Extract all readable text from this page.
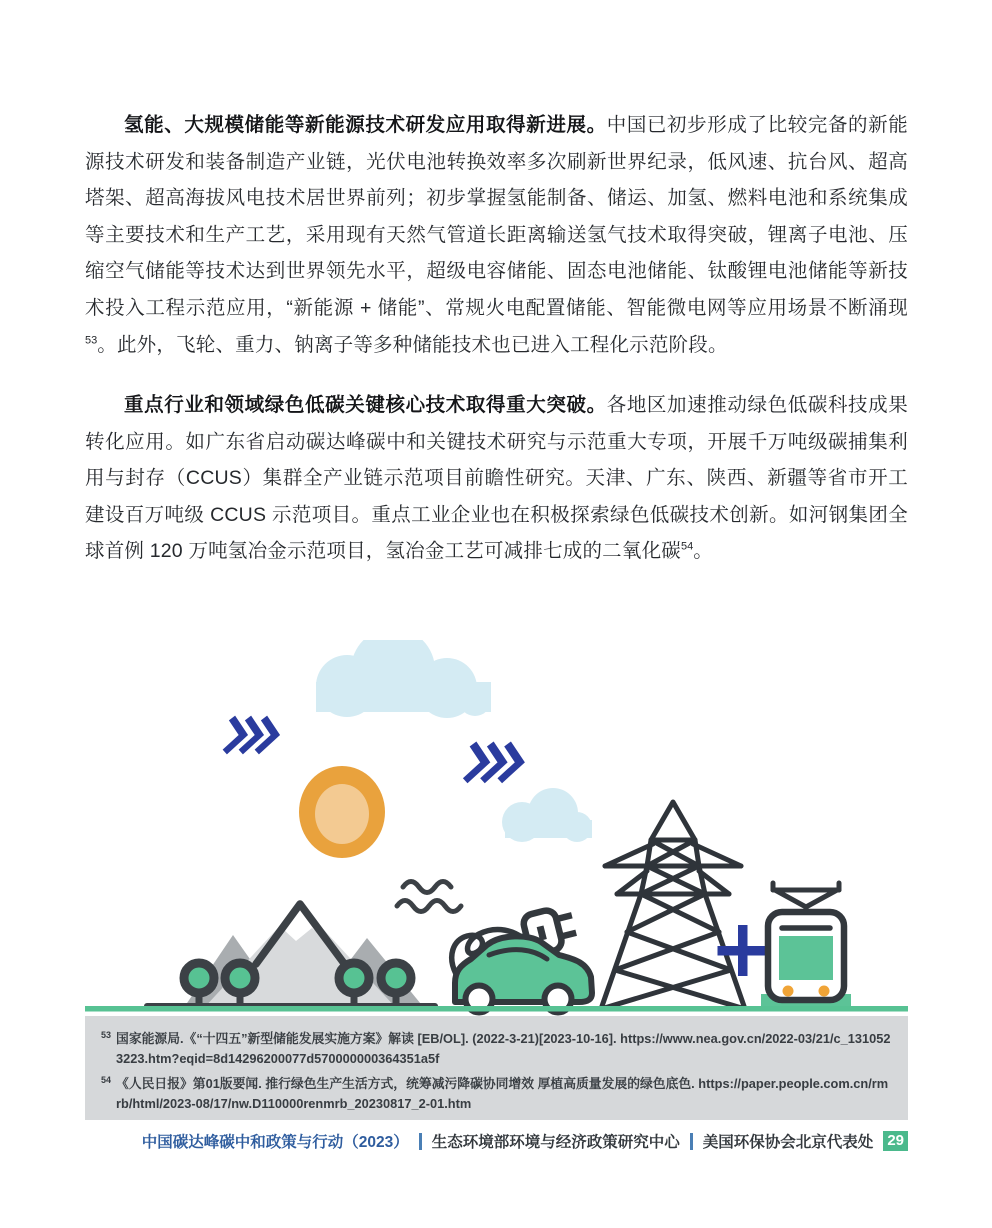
氢能、大规模储能等新能源技术研发应用取得新进展。中国已初步形成了比较完备的新能源技术研发和装备制造产业链，光伏电池转换效率多次刷新世界纪录，低风速、抗台风、超高塔架、超高海拔风电技术居世界前列；初步掌握氢能制备、储运、加氢、燃料电池和系统集成等主要技术和生产工艺，采用现有天然气管道长距离输送氢气技术取得突破，锂离子电池、压缩空气储能等技术达到世界领先水平，超级电容储能、固态电池储能、钛酸锂电池储能等新技术投入工程示范应用，“新能源 + 储能”、常规火电配置储能、智能微电网等应用场景不断涌现$^{53}$。此外，飞轮、重力、钠离子等多种储能技术也已进入工程化示范阶段。

重点行业和领域绿色低碳关键核心技术取得重大突破。各地区加速推动绿色低碳科技成果转化应用。如广东省启动碳达峰碳中和关键技术研究与示范重大专项，开展千万吨级碳捕集利用与封存（CCUS）集群全产业链示范项目前瞻性研究。天津、广东、陕西、新疆等省市开工建设百万吨级 CCUS 示范项目。重点工业企业也在积极探索绿色低碳技术创新。如河钢集团全球首例 120 万吨氢冶金示范项目，氢冶金工艺可减排七成的二氧化碳$^{54}$。

53 国家能源局.《“十四五”新型储能发展实施方案》解读 [EB/OL]. (2022-3-21)[2023-10-16]. https://www.nea.gov.cn/2022-03/21/c_1310523223.htm?eqid=8d14296200077d570000000364351a5f
54 《人民日报》第01版要闻. 推行绿色生产生活方式，统筹减污降碳协同增效 厚植高质量发展的绿色底色. https://paper.people.com.cn/rmrb/html/2023-08/17/nw.D110000renmrb_20230817_2-01.htm
中国碳达峰碳中和政策与行动（2023） 生态环境部环境与经济政策研究中心 美国环保协会北京代表处 29
